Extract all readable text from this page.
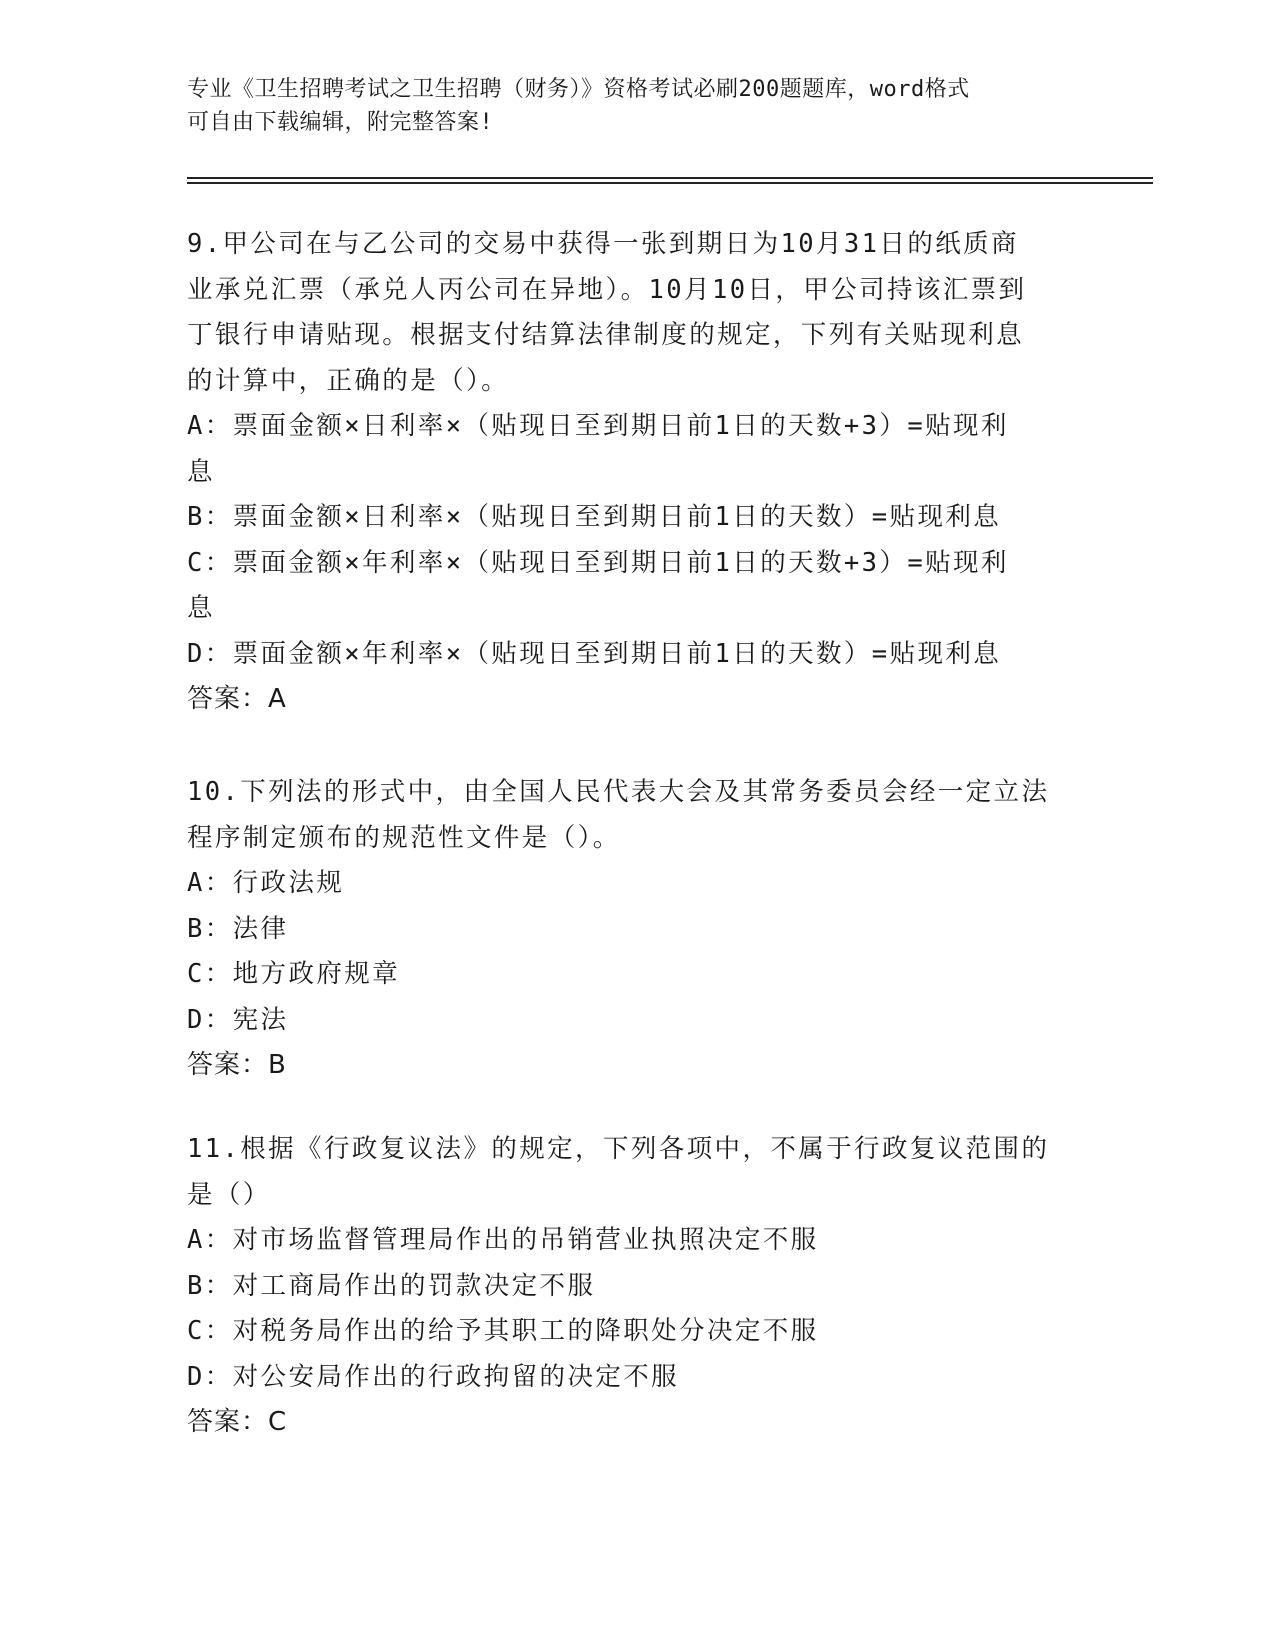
专业《卫生招聘考试之卫生招聘（财务）》资格考试必刷200题题库，word格式
可自由下载编辑，附完整答案!
9.甲公司在与乙公司的交易中获得一张到期日为10月31日的纸质商
业承兑汇票（承兑人丙公司在异地）。10月10日，甲公司持该汇票到
丁银行申请贴现。根据支付结算法律制度的规定，下列有关贴现利息
的计算中，正确的是（）。
A：票面金额×日利率×（贴现日至到期日前1日的天数+3）=贴现利
息
B：票面金额×日利率×（贴现日至到期日前1日的天数）=贴现利息
C：票面金额×年利率×（贴现日至到期日前1日的天数+3）=贴现利
息
D：票面金额×年利率×（贴现日至到期日前1日的天数）=贴现利息
答案：A
10.下列法的形式中，由全国人民代表大会及其常务委员会经一定立法
程序制定颁布的规范性文件是（）。
A：行政法规
B：法律
C：地方政府规章
D：宪法
答案：B
11.根据《行政复议法》的规定，下列各项中，不属于行政复议范围的
是（）
A：对市场监督管理局作出的吊销营业执照决定不服
B：对工商局作出的罚款决定不服
C：对税务局作出的给予其职工的降职处分决定不服
D：对公安局作出的行政拘留的决定不服
答案：C
